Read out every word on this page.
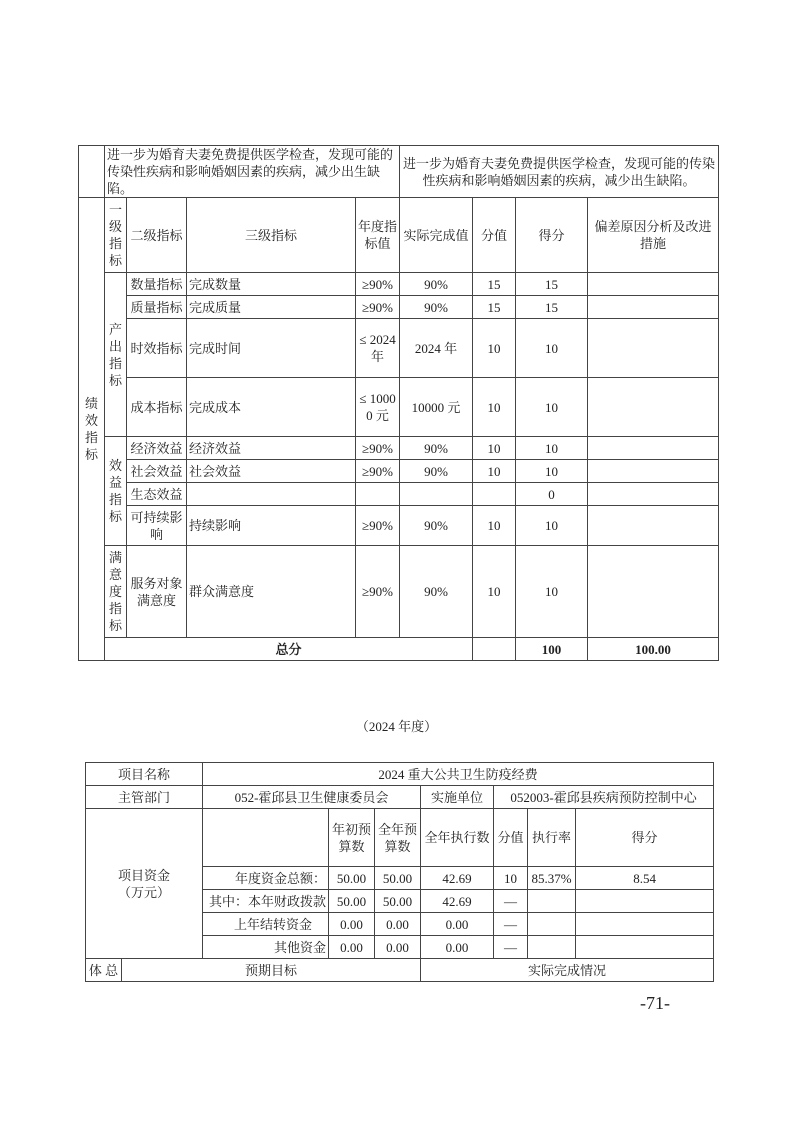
	进一步为婚育夫妻免费提供医学检查，发现可能的传染性疾病和影响婚姻因素的疾病，减少出生缺陷。				进一步为婚育夫妻免费提供医学检查，发现可能的传染性疾病和影响婚姻因素的疾病，减少出生缺陷。				
绩效指标	一级指标	二级指标	三级指标	年度指标值	实际完成值	分值	得分	偏差原因分析及改进措施	
	产出指标	数量指标	完成数量	≥90%	90%	15	15		
		质量指标	完成质量	≥90%	90%	15	15		
		时效指标	完成时间	≤ 2024 年	2024 年	10	10		
		成本指标	完成成本	≤ 10000 元	10000 元	10	10		
	效益指标	经济效益	经济效益	≥90%	90%	10	10		
		社会效益	社会效益	≥90%	90%	10	10		
		生态效益					0		
		可持续影响	持续影响	≥90%	90%	10	10		
	满意度指标	服务对象满意度	群众满意度	≥90%	90%	10	10		
	总分						100	100.00	
（2024 年度）
项目名称		2024 重大公共卫生防疫经费						
主管部门		052-霍邱县卫生健康委员会			实施单位	052003-霍邱县疾病预防控制中心		
项目资金（万元）			年初预算数	全年预算数	全年执行数	分值	执行率	得分
		年度资金总额：	50.00	50.00	42.69	10	85.37%	8.54
		其中：本年财政拨款	50.00	50.00	42.69	—		
		上年结转资金	0.00	0.00	0.00	—		
		其他资金	0.00	0.00	0.00	—		
体 总	预期目标				实际完成情况			
-71-
